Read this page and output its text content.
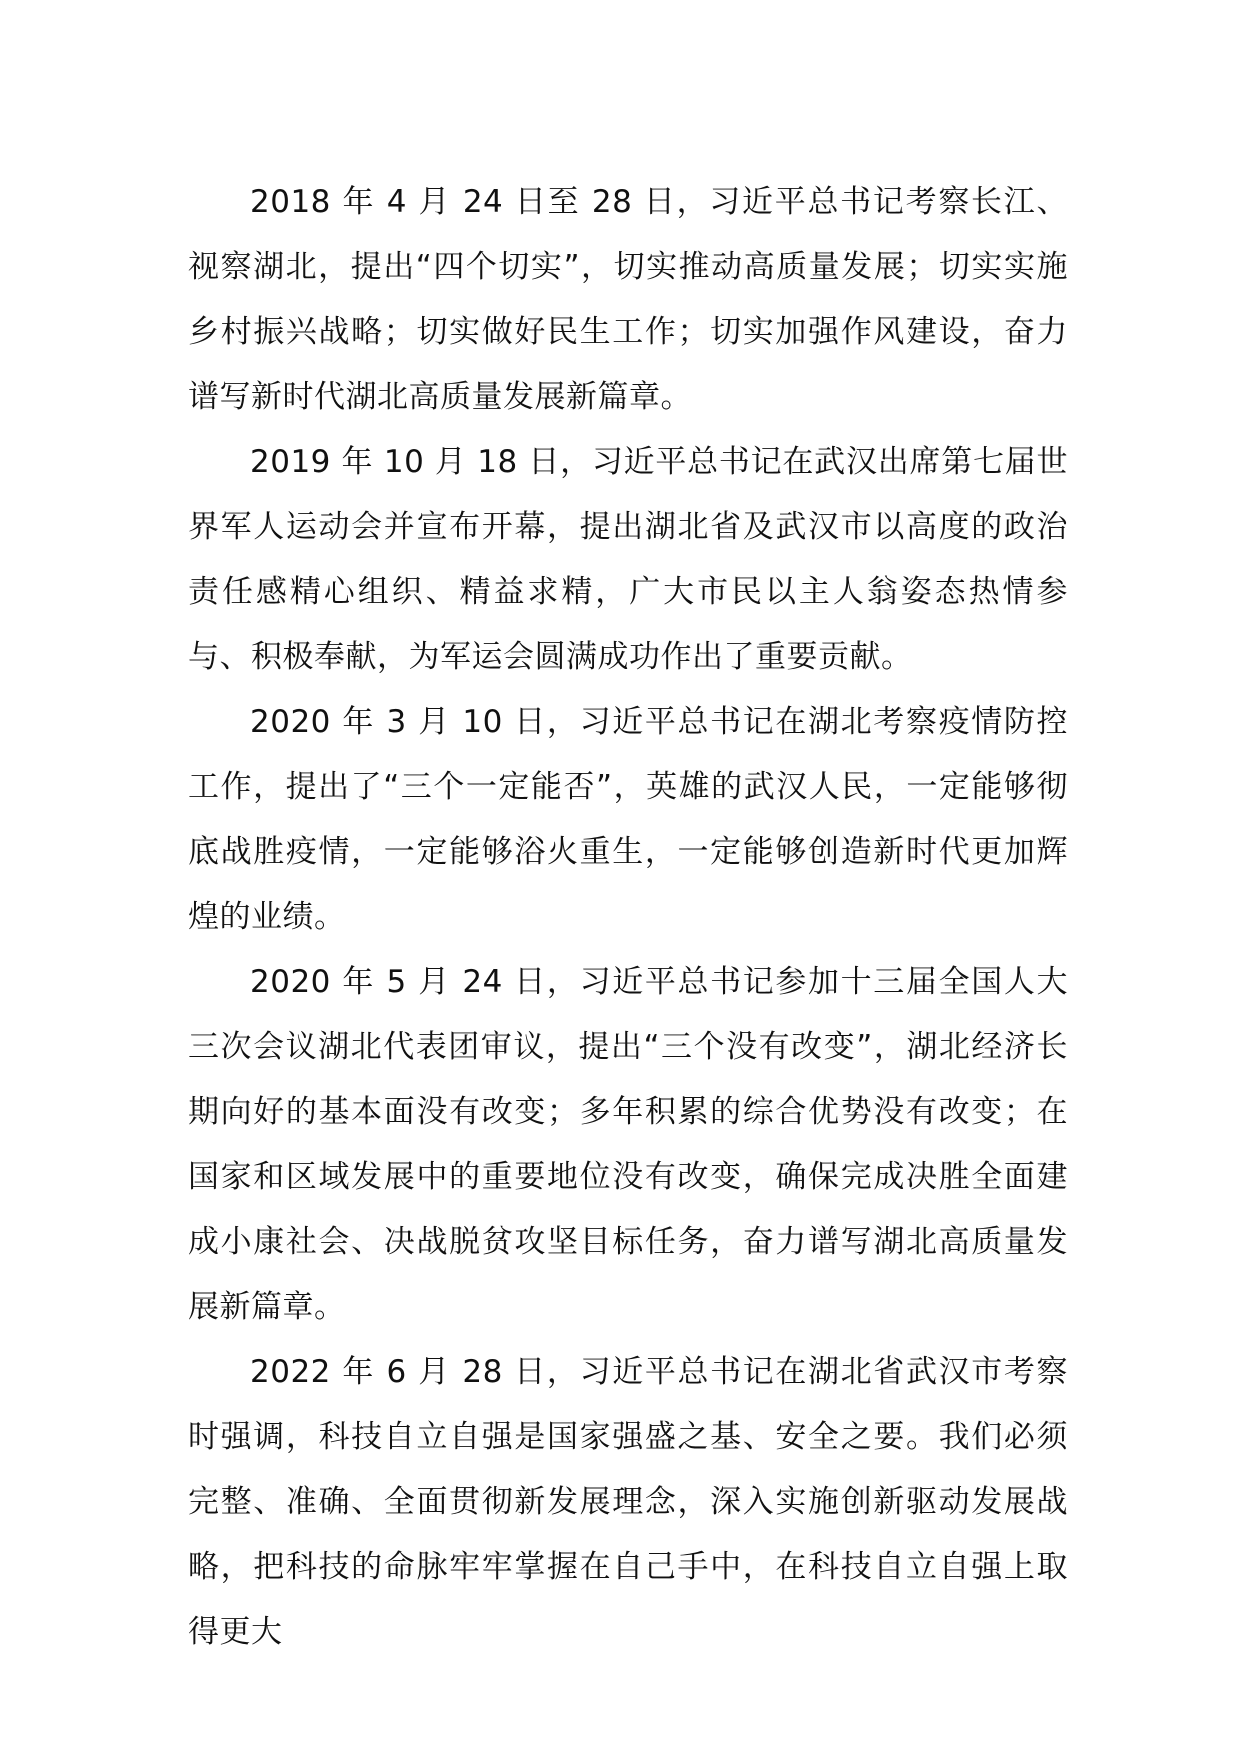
2018 年 4 月 24 日至 28 日，习近平总书记考察长江、视察湖北，提出“四个切实”，切实推动高质量发展；切实实施乡村振兴战略；切实做好民生工作；切实加强作风建设，奋力谱写新时代湖北高质量发展新篇章。

2019 年 10 月 18 日，习近平总书记在武汉出席第七届世界军人运动会并宣布开幕，提出湖北省及武汉市以高度的政治责任感精心组织、精益求精，广大市民以主人翁姿态热情参与、积极奉献，为军运会圆满成功作出了重要贡献。

2020 年 3 月 10 日，习近平总书记在湖北考察疫情防控工作，提出了“三个一定能否”，英雄的武汉人民，一定能够彻底战胜疫情，一定能够浴火重生，一定能够创造新时代更加辉煌的业绩。

2020 年 5 月 24 日，习近平总书记参加十三届全国人大三次会议湖北代表团审议，提出“三个没有改变”，湖北经济长期向好的基本面没有改变；多年积累的综合优势没有改变；在国家和区域发展中的重要地位没有改变，确保完成决胜全面建成小康社会、决战脱贫攻坚目标任务，奋力谱写湖北高质量发展新篇章。

2022 年 6 月 28 日，习近平总书记在湖北省武汉市考察时强调，科技自立自强是国家强盛之基、安全之要。我们必须完整、准确、全面贯彻新发展理念，深入实施创新驱动发展战略，把科技的命脉牢牢掌握在自己手中，在科技自立自强上取得更大
